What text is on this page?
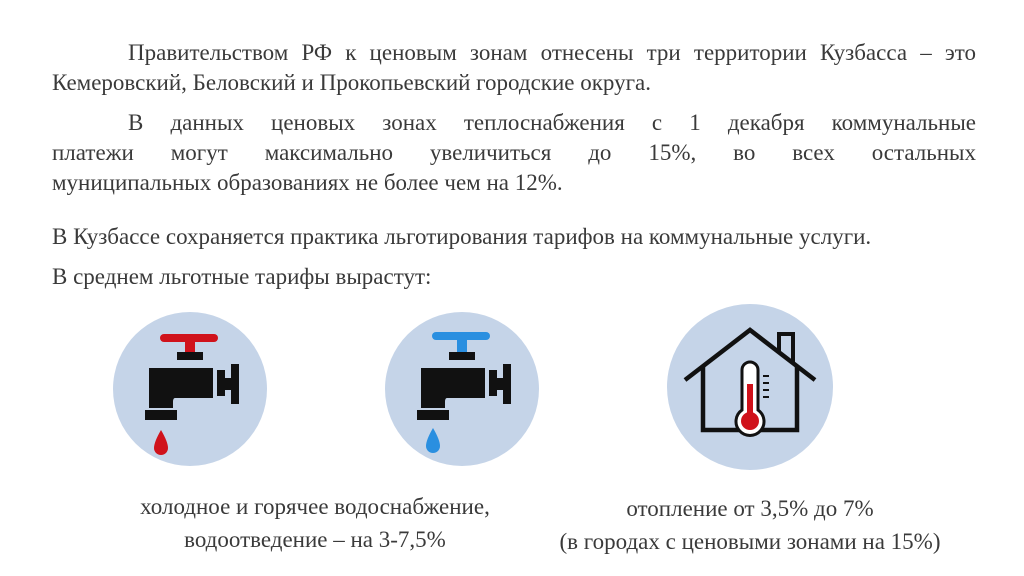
Правительством РФ к ценовым зонам отнесены три территории Кузбасса – это Кемеровский, Беловский и Прокопьевский городские округа.

В данных ценовых зонах теплоснабжения с 1 декабря коммунальные
платежи могут максимально увеличиться до 15%, во всех остальных
муниципальных образованиях не более чем на 12%.

В Кузбассе сохраняется практика льготирования тарифов на коммунальные услуги.

В среднем льготные тарифы вырастут:

холодное и горячее водоснабжение,
водоотведение – на 3-7,5%
отопление от 3,5% до 7%
(в городах с ценовыми зонами на 15%)
